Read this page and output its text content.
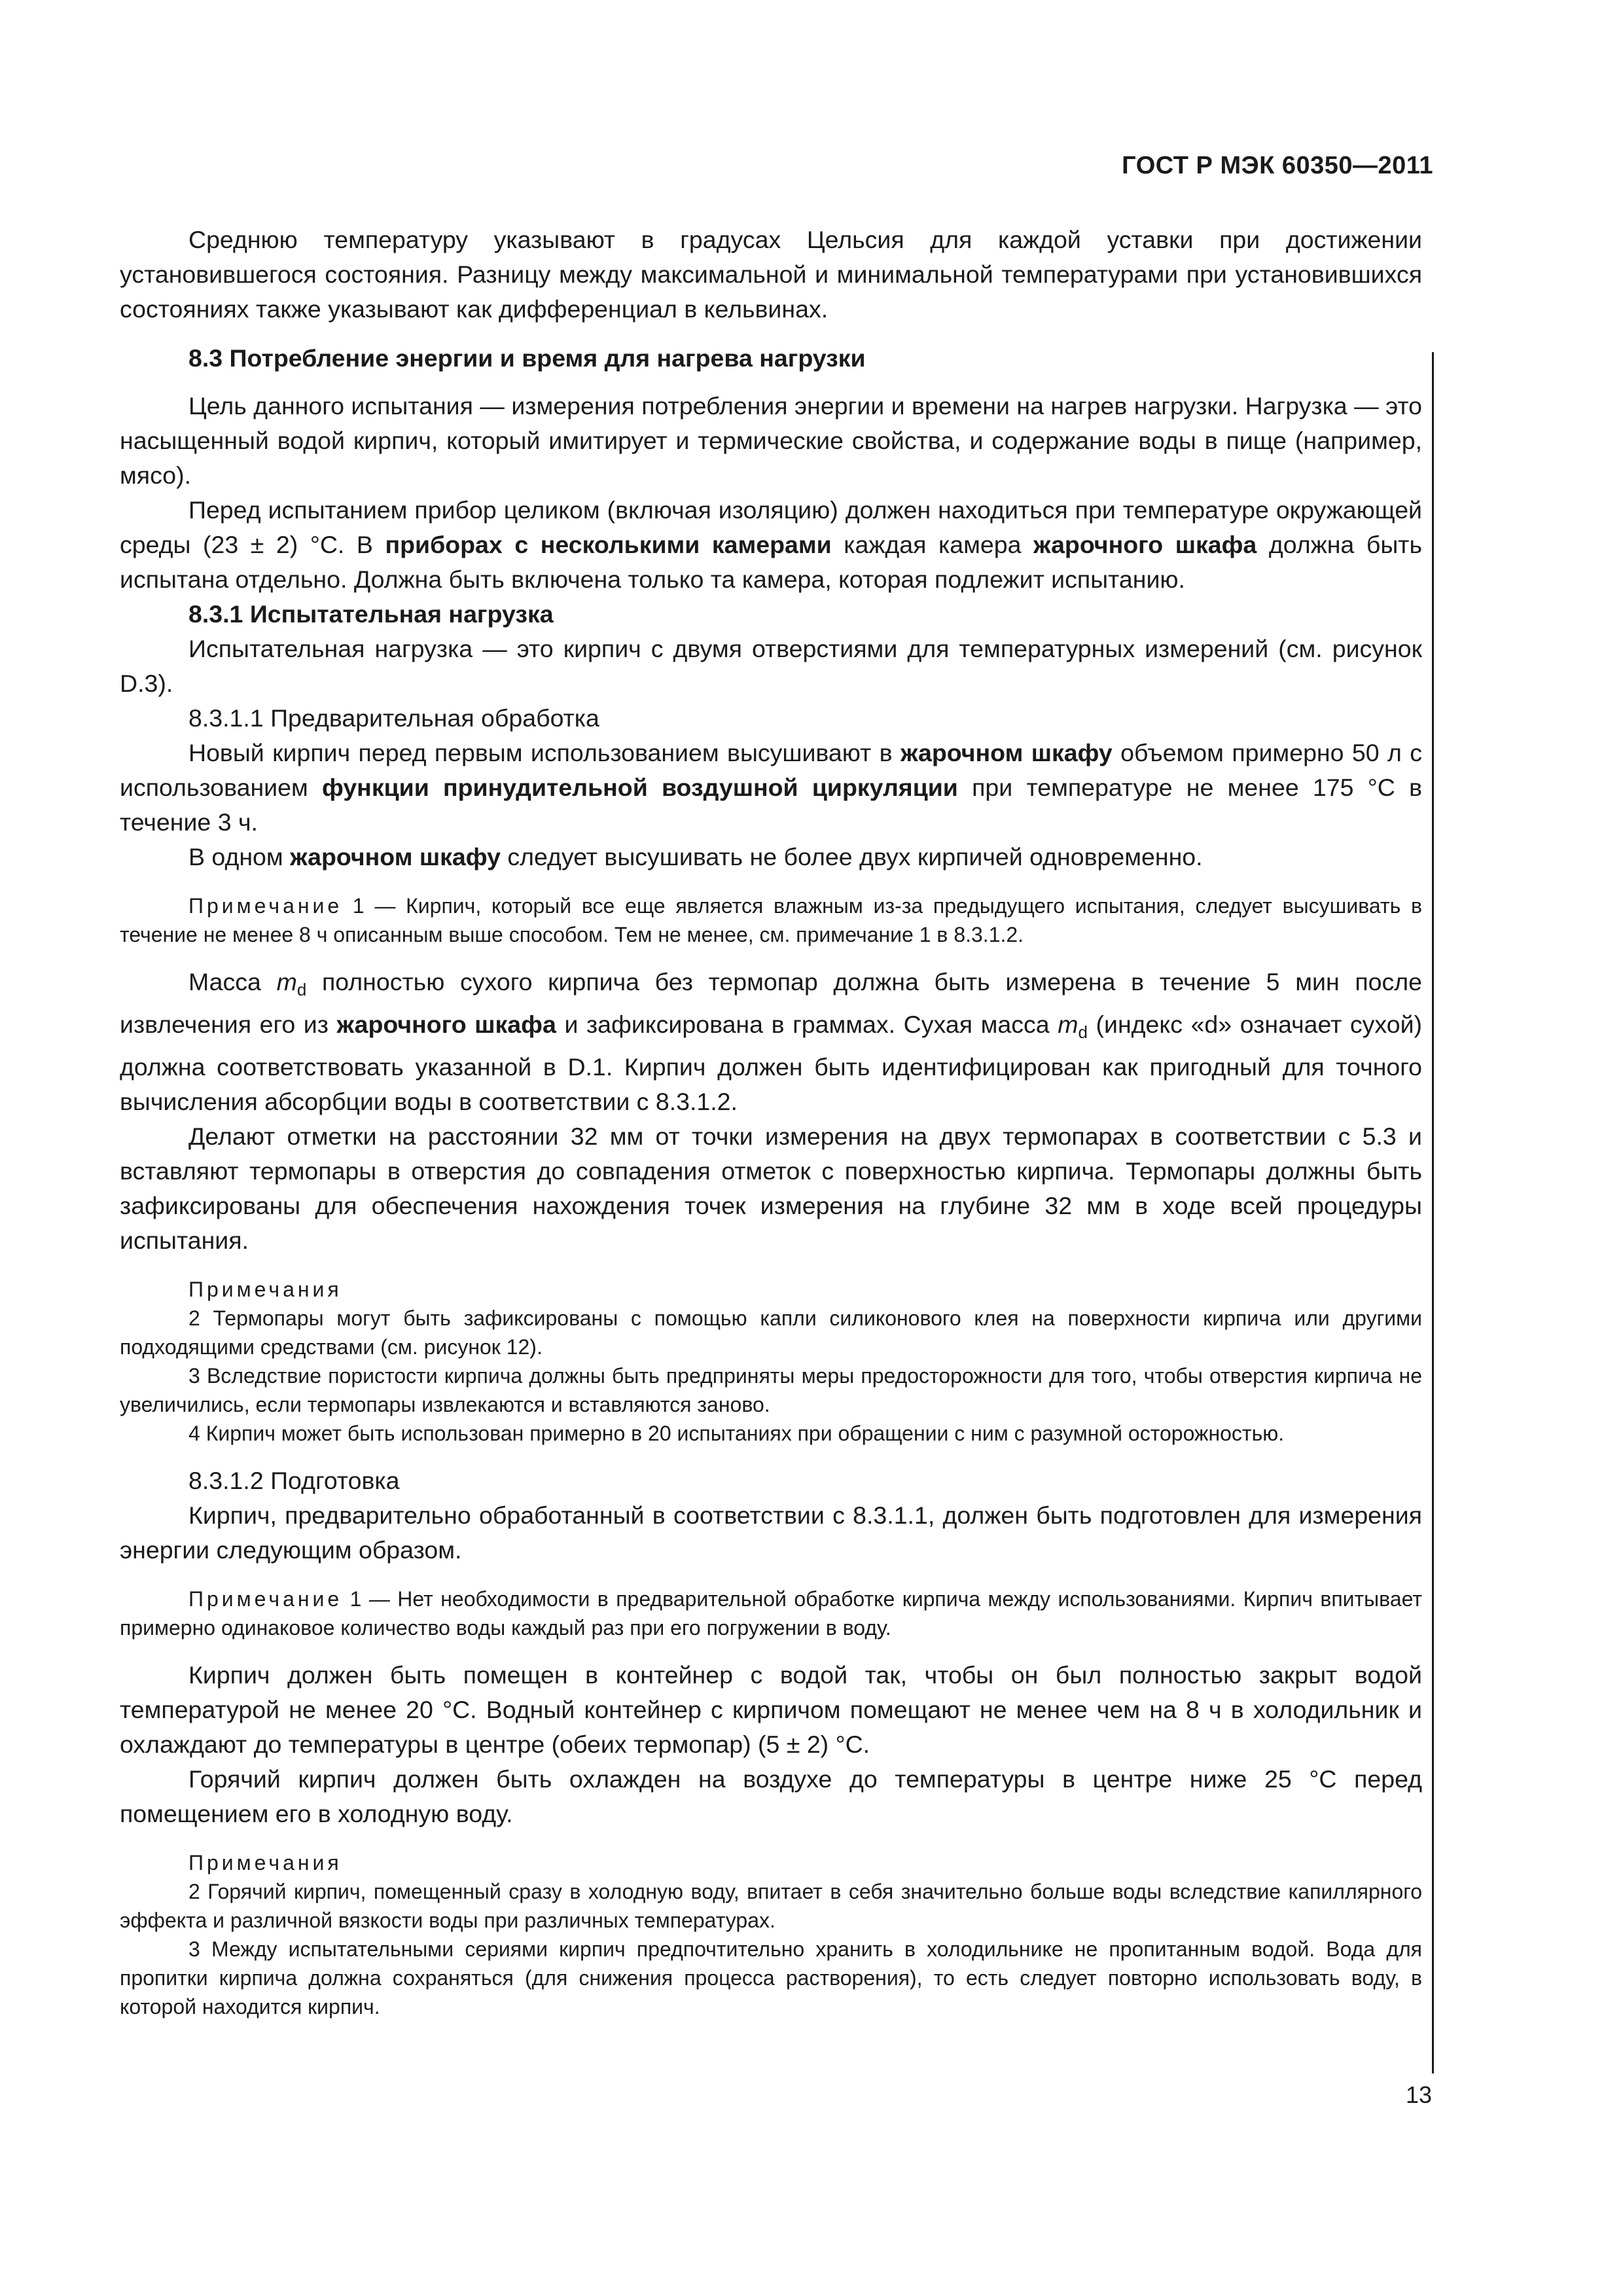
ГОСТ Р МЭК 60350—2011

Среднюю температуру указывают в градусах Цельсия для каждой уставки при достижении установившегося состояния. Разницу между максимальной и минимальной температурами при установившихся состояниях также указывают как дифференциал в кельвинах.

8.3 Потребление энергии и время для нагрева нагрузки

Цель данного испытания — измерения потребления энергии и времени на нагрев нагрузки. Нагрузка — это насыщенный водой кирпич, который имитирует и термические свойства, и содержание воды в пище (например, мясо).

Перед испытанием прибор целиком (включая изоляцию) должен находиться при температуре окружающей среды (23 ± 2) °С. В приборах с несколькими камерами каждая камера жарочного шкафа должна быть испытана отдельно. Должна быть включена только та камера, которая подлежит испытанию.

8.3.1 Испытательная нагрузка

Испытательная нагрузка — это кирпич с двумя отверстиями для температурных измерений (см. рисунок D.3).

8.3.1.1 Предварительная обработка

Новый кирпич перед первым использованием высушивают в жарочном шкафу объемом примерно 50 л с использованием функции принудительной воздушной циркуляции при температуре не менее 175 °С в течение 3 ч.

В одном жарочном шкафу следует высушивать не более двух кирпичей одновременно.

Примечание 1 — Кирпич, который все еще является влажным из-за предыдущего испытания, следует высушивать в течение не менее 8 ч описанным выше способом. Тем не менее, см. примечание 1 в 8.3.1.2.

Масса $m_d$ полностью сухого кирпича без термопар должна быть измерена в течение 5 мин после извлечения его из жарочного шкафа и зафиксирована в граммах. Сухая масса $m_d$ (индекс «d» означает сухой) должна соответствовать указанной в D.1. Кирпич должен быть идентифицирован как пригодный для точного вычисления абсорбции воды в соответствии с 8.3.1.2.

Делают отметки на расстоянии 32 мм от точки измерения на двух термопарах в соответствии с 5.3 и вставляют термопары в отверстия до совпадения отметок с поверхностью кирпича. Термопары должны быть зафиксированы для обеспечения нахождения точек измерения на глубине 32 мм в ходе всей процедуры испытания.

Примечания

2 Термопары могут быть зафиксированы с помощью капли силиконового клея на поверхности кирпича или другими подходящими средствами (см. рисунок 12).

3 Вследствие пористости кирпича должны быть предприняты меры предосторожности для того, чтобы отверстия кирпича не увеличились, если термопары извлекаются и вставляются заново.

4 Кирпич может быть использован примерно в 20 испытаниях при обращении с ним с разумной осторожностью.

8.3.1.2 Подготовка

Кирпич, предварительно обработанный в соответствии с 8.3.1.1, должен быть подготовлен для измерения энергии следующим образом.

Примечание 1 — Нет необходимости в предварительной обработке кирпича между использованиями. Кирпич впитывает примерно одинаковое количество воды каждый раз при его погружении в воду.

Кирпич должен быть помещен в контейнер с водой так, чтобы он был полностью закрыт водой температурой не менее 20 °С. Водный контейнер с кирпичом помещают не менее чем на 8 ч в холодильник и охлаждают до температуры в центре (обеих термопар) (5 ± 2) °С.

Горячий кирпич должен быть охлажден на воздухе до температуры в центре ниже 25 °С перед помещением его в холодную воду.

Примечания

2 Горячий кирпич, помещенный сразу в холодную воду, впитает в себя значительно больше воды вследствие капиллярного эффекта и различной вязкости воды при различных температурах.

3 Между испытательными сериями кирпич предпочтительно хранить в холодильнике не пропитанным водой. Вода для пропитки кирпича должна сохраняться (для снижения процесса растворения), то есть следует повторно использовать воду, в которой находится кирпич.

13
